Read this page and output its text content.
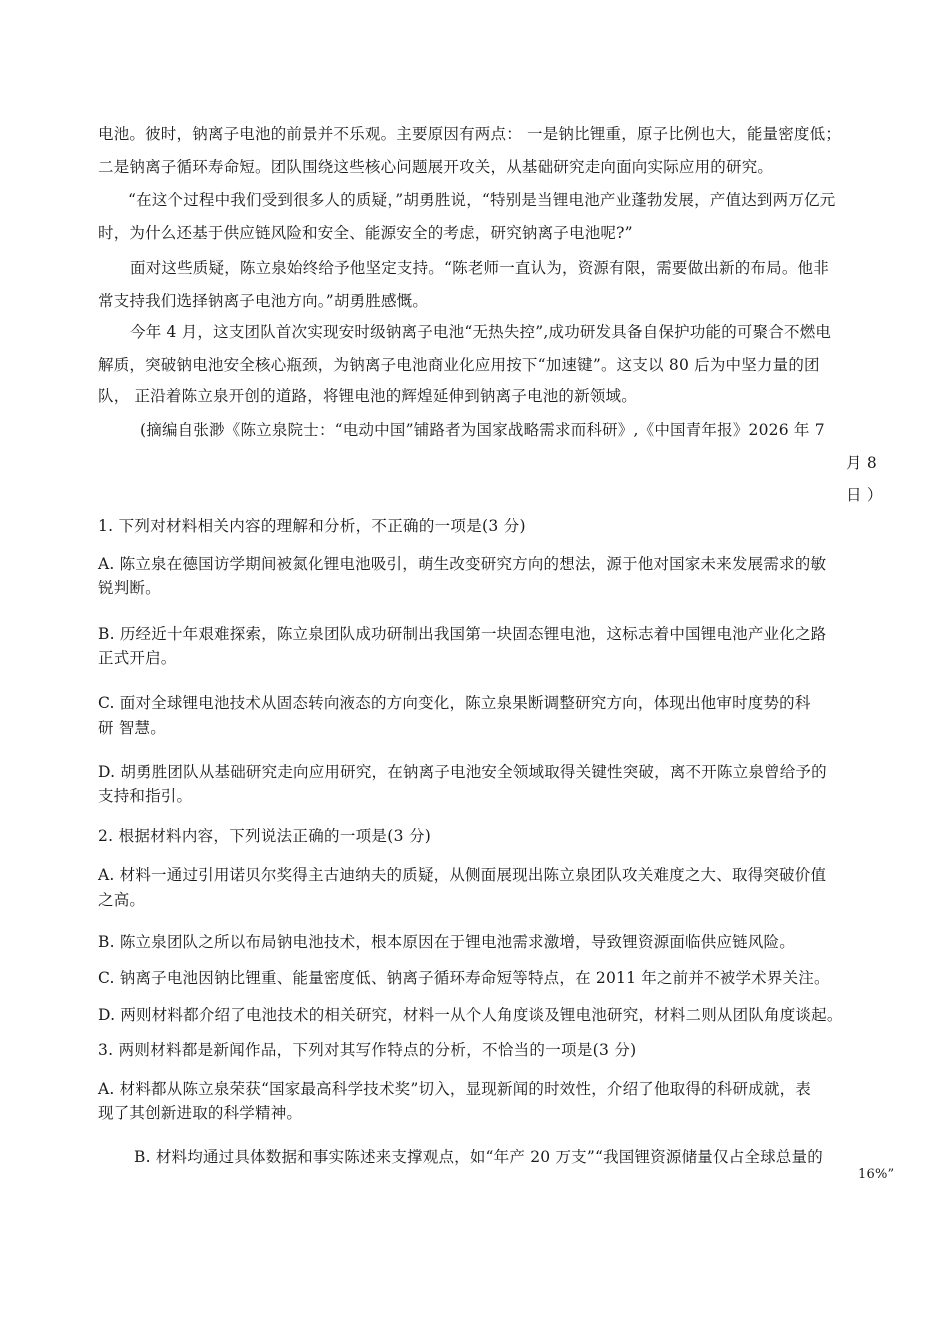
电池。彼时，钠离子电池的前景并不乐观。主要原因有两点： 一是钠比锂重，原子比例也大，能量密度低；
二是钠离子循环寿命短。团队围绕这些核心问题展开攻关，从基础研究走向面向实际应用的研究。
“在这个过程中我们受到很多人的质疑，”胡勇胜说，“特别是当锂电池产业蓬勃发展，产值达到两万亿元
时，为什么还基于供应链风险和安全、能源安全的考虑，研究钠离子电池呢?”
面对这些质疑，陈立泉始终给予他坚定支持。“陈老师一直认为，资源有限，需要做出新的布局。他非
常支持我们选择钠离子电池方向。”胡勇胜感慨。
今年 4 月，这支团队首次实现安时级钠离子电池“无热失控”,成功研发具备自保护功能的可聚合不燃电
解质，突破钠电池安全核心瓶颈，为钠离子电池商业化应用按下“加速键”。这支以 80 后为中坚力量的团
队， 正沿着陈立泉开创的道路，将锂电池的辉煌延伸到钠离子电池的新领域。
(摘编自张渺《陈立泉院士：“电动中国”铺路者为国家战略需求而科研》,《中国青年报》2026 年 7
月 8
日 ）
1. 下列对材料相关内容的理解和分析，不正确的一项是(3 分)
A. 陈立泉在德国访学期间被氮化锂电池吸引，萌生改变研究方向的想法，源于他对国家未来发展需求的敏
锐判断。
B. 历经近十年艰难探索，陈立泉团队成功研制出我国第一块固态锂电池，这标志着中国锂电池产业化之路
正式开启。
C. 面对全球锂电池技术从固态转向液态的方向变化，陈立泉果断调整研究方向，体现出他审时度势的科
研 智慧。
D. 胡勇胜团队从基础研究走向应用研究，在钠离子电池安全领域取得关键性突破，离不开陈立泉曾给予的
支持和指引。
2. 根据材料内容，下列说法正确的一项是(3 分)
A. 材料一通过引用诺贝尔奖得主古迪纳夫的质疑，从侧面展现出陈立泉团队攻关难度之大、取得突破价值
之高。
B. 陈立泉团队之所以布局钠电池技术，根本原因在于锂电池需求激增，导致锂资源面临供应链风险。
C. 钠离子电池因钠比锂重、能量密度低、钠离子循环寿命短等特点，在 2011 年之前并不被学术界关注。
D. 两则材料都介绍了电池技术的相关研究，材料一从个人角度谈及锂电池研究，材料二则从团队角度谈起。
3. 两则材料都是新闻作品，下列对其写作特点的分析，不恰当的一项是(3 分)
A. 材料都从陈立泉荣获“国家最高科学技术奖”切入，显现新闻的时效性，介绍了他取得的科研成就，表
现了其创新进取的科学精神。
B. 材料均通过具体数据和事实陈述来支撑观点，如“年产 20 万支”“我国锂资源储量仅占全球总量的
16%”
